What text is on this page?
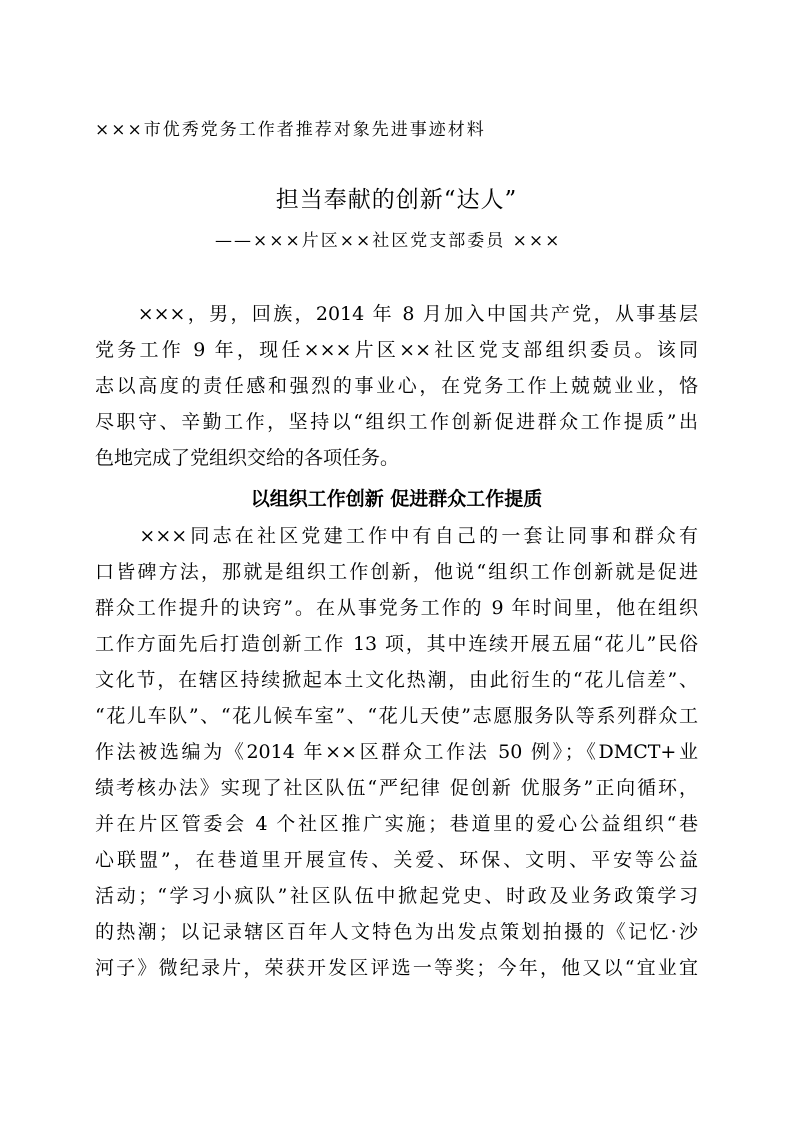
×××市优秀党务工作者推荐对象先进事迹材料
担当奉献的创新“达人”
——×××片区××社区党支部委员 ×××
　　×××，男，回族，2014 年 8 月加入中国共产党，从事基层
党务工作 9 年，现任×××片区××社区党支部组织委员。该同
志以高度的责任感和强烈的事业心，在党务工作上兢兢业业，恪
尽职守、辛勤工作，坚持以“组织工作创新促进群众工作提质”出
色地完成了党组织交给的各项任务。
以组织工作创新 促进群众工作提质
　　×××同志在社区党建工作中有自己的一套让同事和群众有
口皆碑方法，那就是组织工作创新，他说“组织工作创新就是促进
群众工作提升的诀窍”。在从事党务工作的 9 年时间里，他在组织
工作方面先后打造创新工作 13 项，其中连续开展五届“花儿”民俗
文化节，在辖区持续掀起本土文化热潮，由此衍生的“花儿信差”、
“花儿车队”、“花儿候车室”、“花儿天使”志愿服务队等系列群众工
作法被选编为《2014 年××区群众工作法 50 例》；《DMCT+业
绩考核办法》实现了社区队伍“严纪律 促创新 优服务”正向循环，
并在片区管委会 4 个社区推广实施；巷道里的爱心公益组织“巷
心联盟”，在巷道里开展宣传、关爱、环保、文明、平安等公益
活动；“学习小疯队”社区队伍中掀起党史、时政及业务政策学习
的热潮；以记录辖区百年人文特色为出发点策划拍摄的《记忆·沙
河子》微纪录片，荣获开发区评选一等奖；今年，他又以“宜业宜
